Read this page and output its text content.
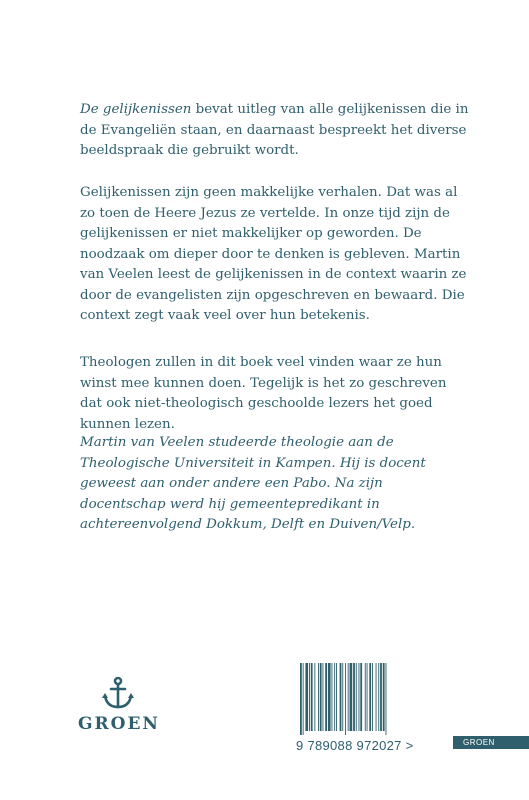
De gelijkenissen bevat uitleg van alle gelijkenissen die in de Evangeliën staan, en daarnaast bespreekt het diverse beeldspraak die gebruikt wordt.

Gelijkenissen zijn geen makkelijke verhalen. Dat was al zo toen de Heere Jezus ze vertelde. In onze tijd zijn de gelijkenissen er niet makkelijker op geworden. De noodzaak om dieper door te denken is gebleven. Martin van Veelen leest de gelijkenissen in de context waarin ze door de evangelisten zijn opgeschreven en bewaard. Die context zegt vaak veel over hun betekenis.

Theologen zullen in dit boek veel vinden waar ze hun winst mee kunnen doen. Tegelijk is het zo geschreven dat ook niet-theologisch geschoolde lezers het goed kunnen lezen.

Martin van Veelen studeerde theologie aan de Theologische Universiteit in Kampen. Hij is docent geweest aan onder andere een Pabo. Na zijn docentschap werd hij gemeentepredikant in achtereenvolgend Dokkum, Delft en Duiven/Velp.

GROEN
9 789088 972027 >	GROEN
